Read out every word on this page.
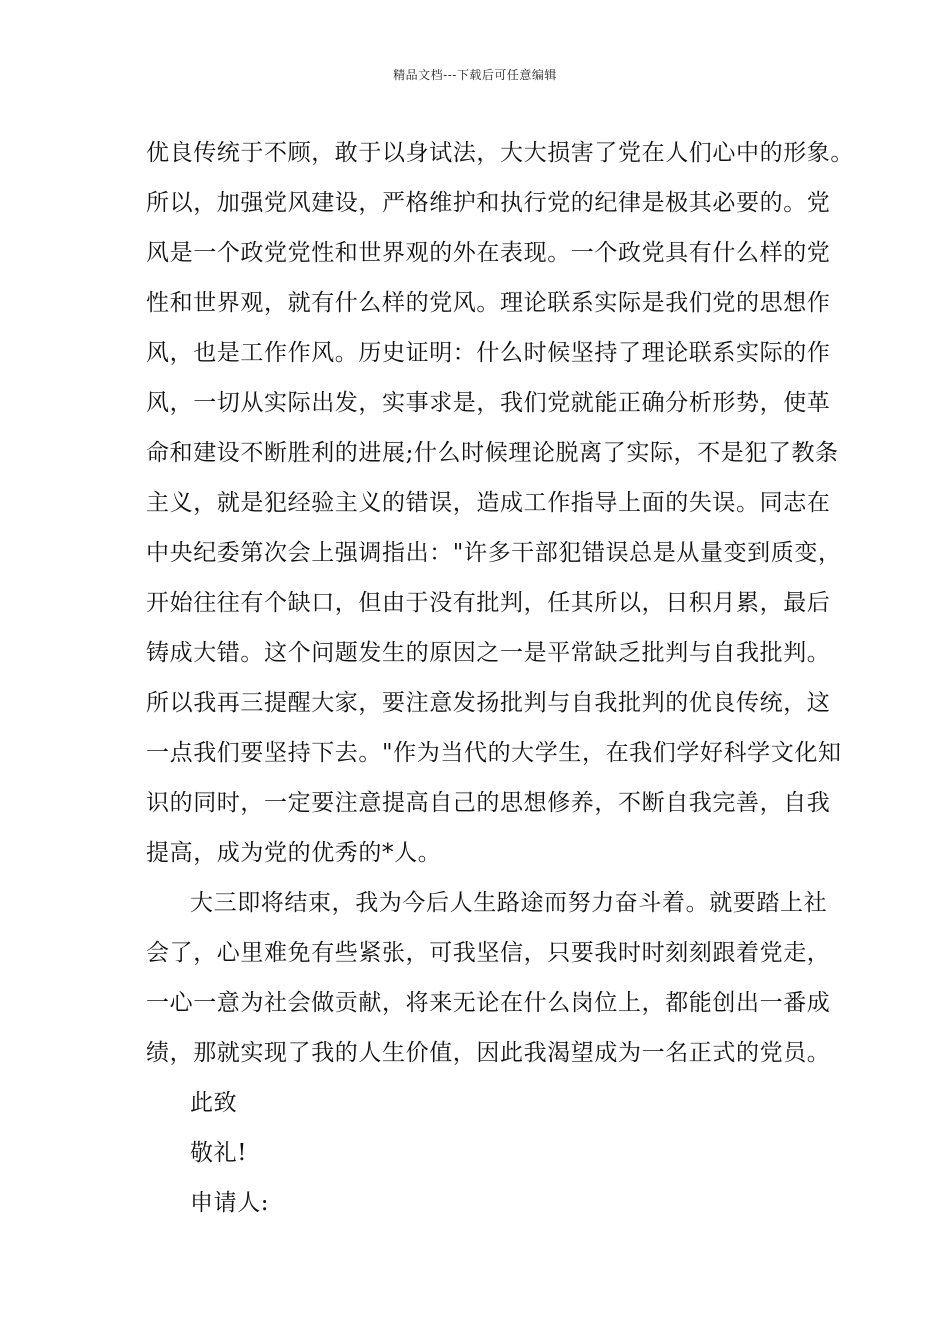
精品文档---下载后可任意编辑
优良传统于不顾，敢于以身试法，大大损害了党在人们心中的形象。
所以，加强党风建设，严格维护和执行党的纪律是极其必要的。党
风是一个政党党性和世界观的外在表现。一个政党具有什么样的党
性和世界观，就有什么样的党风。理论联系实际是我们党的思想作
风，也是工作作风。历史证明：什么时候坚持了理论联系实际的作
风，一切从实际出发，实事求是，我们党就能正确分析形势，使革
命和建设不断胜利的进展;什么时候理论脱离了实际，不是犯了教条
主义，就是犯经验主义的错误，造成工作指导上面的失误。同志在
中央纪委第次会上强调指出："许多干部犯错误总是从量变到质变，
开始往往有个缺口，但由于没有批判，任其所以，日积月累，最后
铸成大错。这个问题发生的原因之一是平常缺乏批判与自我批判。
所以我再三提醒大家，要注意发扬批判与自我批判的优良传统，这
一点我们要坚持下去。"作为当代的大学生，在我们学好科学文化知
识的同时，一定要注意提高自己的思想修养，不断自我完善，自我
提高，成为党的优秀的*人。
大三即将结束，我为今后人生路途而努力奋斗着。就要踏上社
会了，心里难免有些紧张，可我坚信，只要我时时刻刻跟着党走，
一心一意为社会做贡献，将来无论在什么岗位上，都能创出一番成
绩，那就实现了我的人生价值，因此我渴望成为一名正式的党员。
此致
敬礼!
申请人:
